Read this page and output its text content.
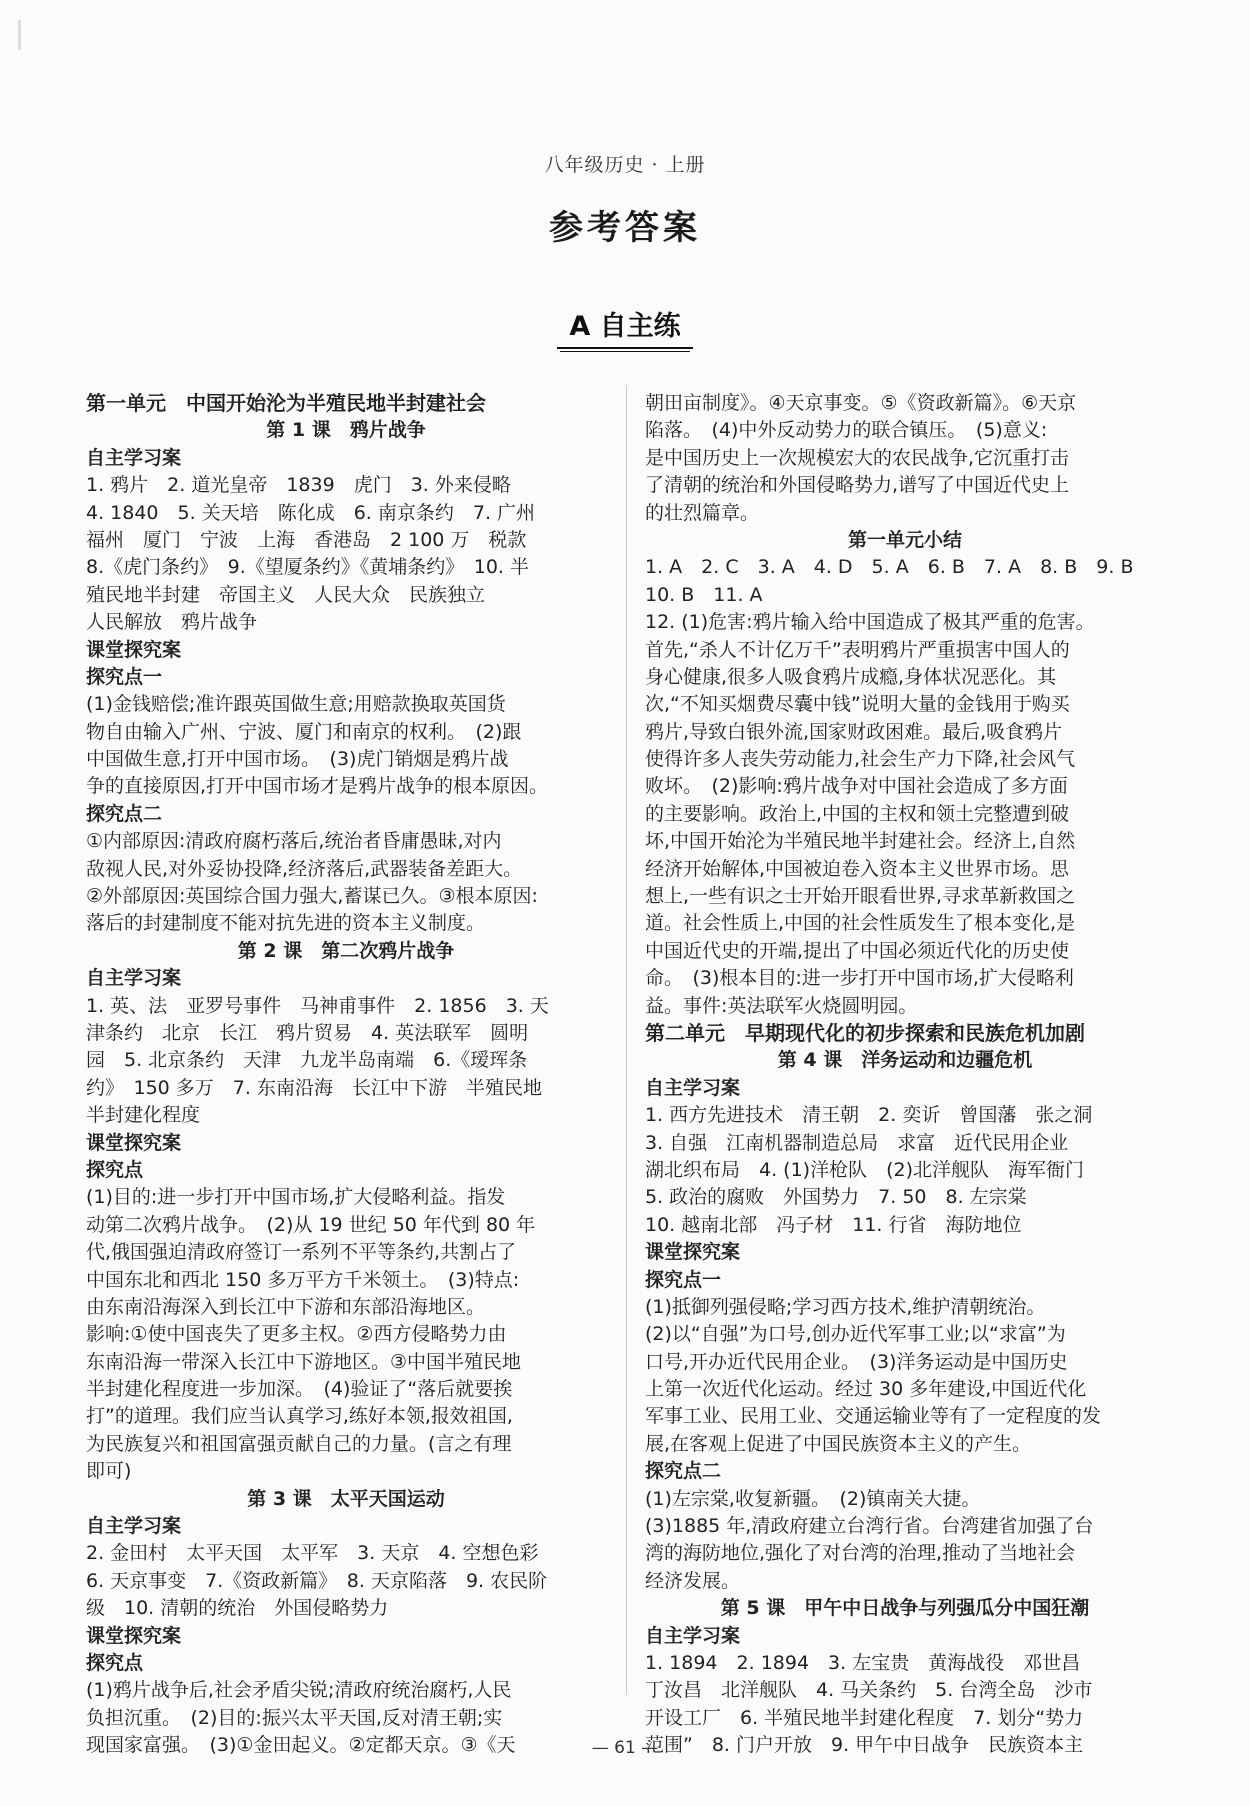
八年级历史 · 上册
参考答案
A 自主练
第一单元　中国开始沦为半殖民地半封建社会
第 1 课　鸦片战争
自主学习案
1. 鸦片　2. 道光皇帝　1839　虎门　3. 外来侵略
4. 1840　5. 关天培　陈化成　6. 南京条约　7. 广州
福州　厦门　宁波　上海　香港岛　2 100 万　税款
8.《虎门条约》　9.《望厦条约》《黄埔条约》　10. 半
殖民地半封建　帝国主义　人民大众　民族独立
人民解放　鸦片战争
课堂探究案
探究点一
(1)金钱赔偿;准许跟英国做生意;用赔款换取英国货
物自由输入广州、宁波、厦门和南京的权利。　(2)跟
中国做生意,打开中国市场。　(3)虎门销烟是鸦片战
争的直接原因,打开中国市场才是鸦片战争的根本原因。
探究点二
①内部原因:清政府腐朽落后,统治者昏庸愚昧,对内
敌视人民,对外妥协投降,经济落后,武器装备差距大。
②外部原因:英国综合国力强大,蓄谋已久。③根本原因:
落后的封建制度不能对抗先进的资本主义制度。
第 2 课　第二次鸦片战争
自主学习案
1. 英、法　亚罗号事件　马神甫事件　2. 1856　3. 天
津条约　北京　长江　鸦片贸易　4. 英法联军　圆明
园　5. 北京条约　天津　九龙半岛南端　6.《瑷珲条
约》　150 多万　7. 东南沿海　长江中下游　半殖民地
半封建化程度
课堂探究案
探究点
(1)目的:进一步打开中国市场,扩大侵略利益。指发
动第二次鸦片战争。　(2)从 19 世纪 50 年代到 80 年
代,俄国强迫清政府签订一系列不平等条约,共割占了
中国东北和西北 150 多万平方千米领土。　(3)特点:
由东南沿海深入到长江中下游和东部沿海地区。
影响:①使中国丧失了更多主权。②西方侵略势力由
东南沿海一带深入长江中下游地区。③中国半殖民地
半封建化程度进一步加深。　(4)验证了“落后就要挨
打”的道理。我们应当认真学习,练好本领,报效祖国,
为民族复兴和祖国富强贡献自己的力量。(言之有理
即可)
第 3 课　太平天国运动
自主学习案
2. 金田村　太平天国　太平军　3. 天京　4. 空想色彩
6. 天京事变　7.《资政新篇》　8. 天京陷落　9. 农民阶
级　10. 清朝的统治　外国侵略势力
课堂探究案
探究点
(1)鸦片战争后,社会矛盾尖锐;清政府统治腐朽,人民
负担沉重。　(2)目的:振兴太平天国,反对清王朝;实
现国家富强。　(3)①金田起义。②定都天京。③《天
朝田亩制度》。④天京事变。⑤《资政新篇》。⑥天京
陷落。　(4)中外反动势力的联合镇压。　(5)意义:
是中国历史上一次规模宏大的农民战争,它沉重打击
了清朝的统治和外国侵略势力,谱写了中国近代史上
的壮烈篇章。
第一单元小结
1. A　2. C　3. A　4. D　5. A　6. B　7. A　8. B　9. B
10. B　11. A
12. (1)危害:鸦片输入给中国造成了极其严重的危害。
首先,“杀人不计亿万千”表明鸦片严重损害中国人的
身心健康,很多人吸食鸦片成瘾,身体状况恶化。其
次,“不知买烟费尽囊中钱”说明大量的金钱用于购买
鸦片,导致白银外流,国家财政困难。最后,吸食鸦片
使得许多人丧失劳动能力,社会生产力下降,社会风气
败坏。　(2)影响:鸦片战争对中国社会造成了多方面
的主要影响。政治上,中国的主权和领土完整遭到破
坏,中国开始沦为半殖民地半封建社会。经济上,自然
经济开始解体,中国被迫卷入资本主义世界市场。思
想上,一些有识之士开始开眼看世界,寻求革新救国之
道。社会性质上,中国的社会性质发生了根本变化,是
中国近代史的开端,提出了中国必须近代化的历史使
命。　(3)根本目的:进一步打开中国市场,扩大侵略利
益。事件:英法联军火烧圆明园。
第二单元　早期现代化的初步探索和民族危机加剧
第 4 课　洋务运动和边疆危机
自主学习案
1. 西方先进技术　清王朝　2. 奕䜣　曾国藩　张之洞
3. 自强　江南机器制造总局　求富　近代民用企业
湖北织布局　4. (1)洋枪队　(2)北洋舰队　海军衙门
5. 政治的腐败　外国势力　7. 50　8. 左宗棠
10. 越南北部　冯子材　11. 行省　海防地位
课堂探究案
探究点一
(1)抵御列强侵略;学习西方技术,维护清朝统治。
(2)以“自强”为口号,创办近代军事工业;以“求富”为
口号,开办近代民用企业。　(3)洋务运动是中国历史
上第一次近代化运动。经过 30 多年建设,中国近代化
军事工业、民用工业、交通运输业等有了一定程度的发
展,在客观上促进了中国民族资本主义的产生。
探究点二
(1)左宗棠,收复新疆。　(2)镇南关大捷。
(3)1885 年,清政府建立台湾行省。台湾建省加强了台
湾的海防地位,强化了对台湾的治理,推动了当地社会
经济发展。
第 5 课　甲午中日战争与列强瓜分中国狂潮
自主学习案
1. 1894　2. 1894　3. 左宝贵　黄海战役　邓世昌
丁汝昌　北洋舰队　4. 马关条约　5. 台湾全岛　沙市
开设工厂　6. 半殖民地半封建化程度　7. 划分“势力
范围”　8. 门户开放　9. 甲午中日战争　民族资本主
— 61 —
